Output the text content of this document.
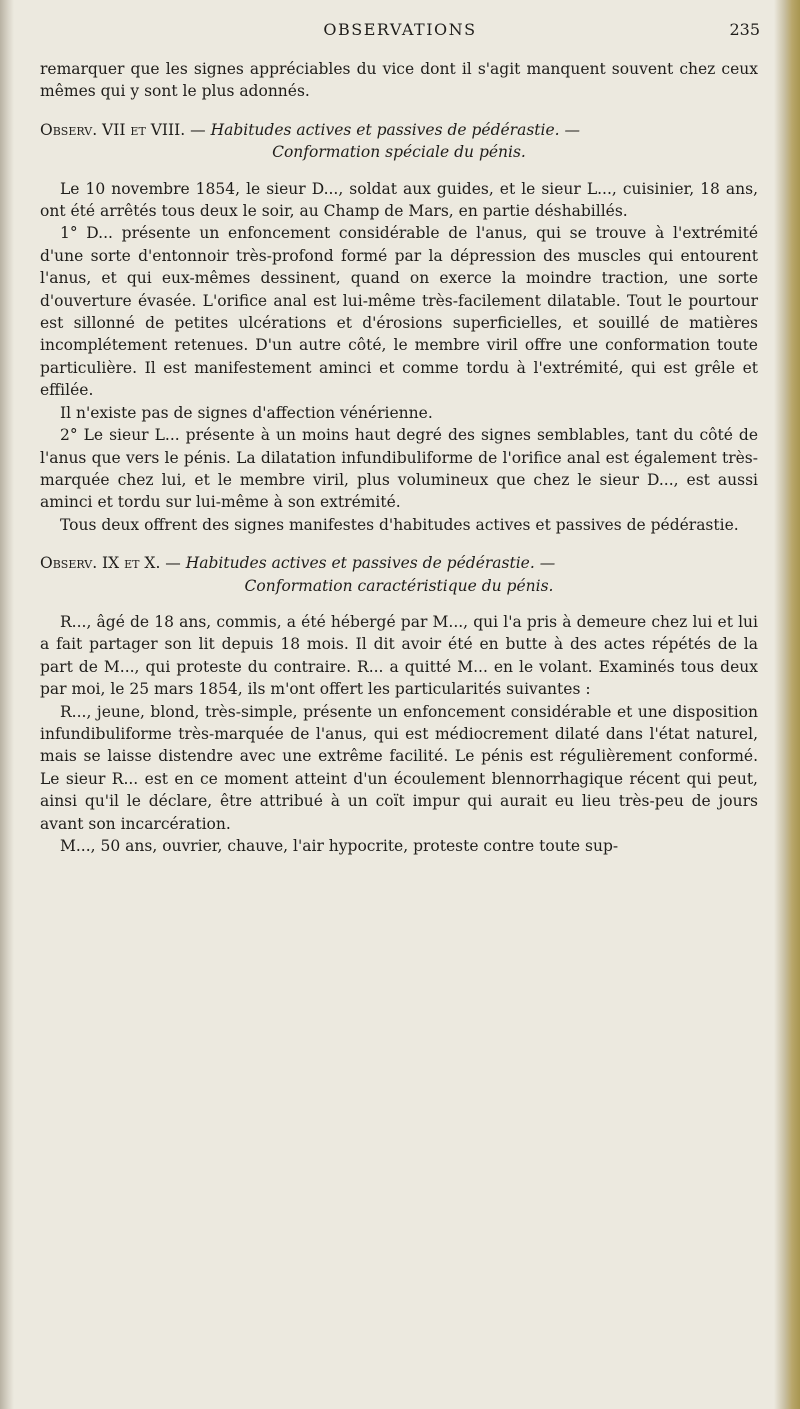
OBSERVATIONS	235

remarquer que les signes appréciables du vice dont il s'agit manquent souvent chez ceux mêmes qui y sont le plus adonnés.

Observ. VII et VIII. — Habitudes actives et passives de pédérastie. —
Conformation spéciale du pénis.

Le 10 novembre 1854, le sieur D..., soldat aux guides, et le sieur L..., cuisinier, 18 ans, ont été arrêtés tous deux le soir, au Champ de Mars, en partie déshabillés.

1° D... présente un enfoncement considérable de l'anus, qui se trouve à l'extrémité d'une sorte d'entonnoir très-profond formé par la dépression des muscles qui entourent l'anus, et qui eux-mêmes dessinent, quand on exerce la moindre traction, une sorte d'ouverture évasée. L'orifice anal est lui-même très-facilement dilatable. Tout le pourtour est sillonné de petites ulcérations et d'érosions superficielles, et souillé de matières incomplétement retenues. D'un autre côté, le membre viril offre une conformation toute particulière. Il est manifestement aminci et comme tordu à l'extrémité, qui est grêle et effilée.

Il n'existe pas de signes d'affection vénérienne.

2° Le sieur L... présente à un moins haut degré des signes semblables, tant du côté de l'anus que vers le pénis. La dilatation infundibuliforme de l'orifice anal est également très-marquée chez lui, et le membre viril, plus volumineux que chez le sieur D..., est aussi aminci et tordu sur lui-même à son extrémité.

Tous deux offrent des signes manifestes d'habitudes actives et passives de pédérastie.

Observ. IX et X. — Habitudes actives et passives de pédérastie. —
Conformation caractéristique du pénis.

R..., âgé de 18 ans, commis, a été hébergé par M..., qui l'a pris à demeure chez lui et lui a fait partager son lit depuis 18 mois. Il dit avoir été en butte à des actes répétés de la part de M..., qui proteste du contraire. R... a quitté M... en le volant. Examinés tous deux par moi, le 25 mars 1854, ils m'ont offert les particularités suivantes :

R..., jeune, blond, très-simple, présente un enfoncement considérable et une disposition infundibuliforme très-marquée de l'anus, qui est médiocrement dilaté dans l'état naturel, mais se laisse distendre avec une extrême facilité. Le pénis est régulièrement conformé. Le sieur R... est en ce moment atteint d'un écoulement blennorrhagique récent qui peut, ainsi qu'il le déclare, être attribué à un coït impur qui aurait eu lieu très-peu de jours avant son incarcération.

M..., 50 ans, ouvrier, chauve, l'air hypocrite, proteste contre toute sup-
